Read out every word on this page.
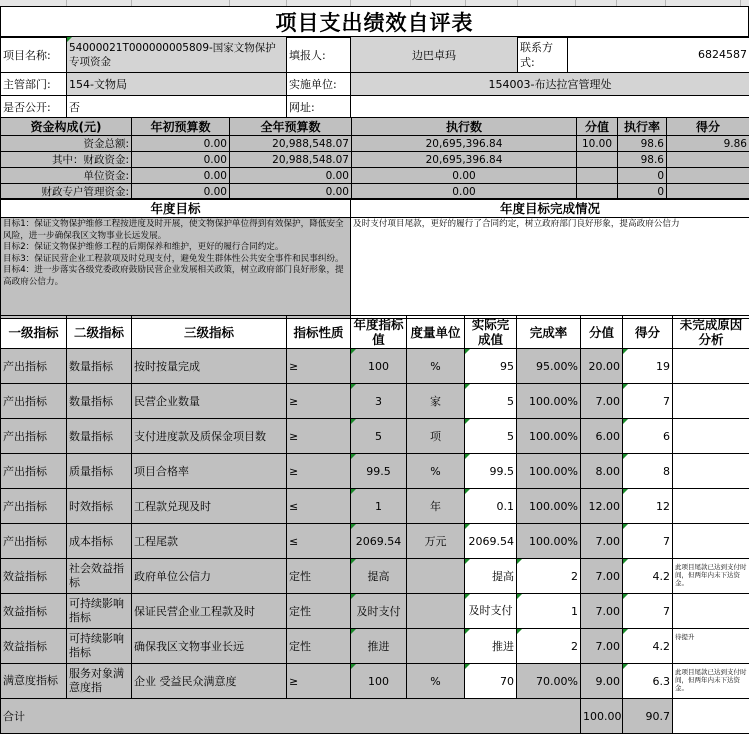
项目支出绩效自评表
项目名称:	54000021T000000005809-国家文物保护专项资金	填报人:	边巴卓玛	联系方式:	6824587
主管部门:	154-文物局	实施单位:	154003-布达拉宫管理处		
是否公开:	否	网址:			
资金构成(元)	年初预算数	全年预算数	执行数	分值	执行率	得分
资金总额:	0.00	20,988,548.07	20,695,396.84	10.00	98.6	9.86
其中：财政资金:	0.00	20,988,548.07	20,695,396.84		98.6	
单位资金:	0.00	0.00	0.00		0	
财政专户管理资金:	0.00	0.00	0.00		0	
年度目标	年度目标完成情况
目标1：保证文物保护维修工程按进度及时开展，使文物保护单位得到有效保护，降低安全风险，进一步确保我区文物事业长远发展。
目标2：保证文物保护维修工程的后期保养和维护，更好的履行合同约定。
目标3：保证民营企业工程款项及时兑现支付，避免发生群体性公共安全事件和民事纠纷。
目标4：进一步落实各级党委政府鼓励民营企业发展相关政策，树立政府部门良好形象，提高政府公信力。	及时支付项目尾款，更好的履行了合同约定，树立政府部门良好形象，提高政府公信力
一级指标	二级指标	三级指标	指标性质	年度指标值	度量单位	实际完成值	完成率	分值	得分	未完成原因分析
产出指标	数量指标	按时按量完成	≥	100	%	95	95.00%	20.00	19	
产出指标	数量指标	民营企业数量	≥	3	家	5	100.00%	7.00	7	
产出指标	数量指标	支付进度款及质保金项目数	≥	5	项	5	100.00%	6.00	6	
产出指标	质量指标	项目合格率	≥	99.5	%	99.5	100.00%	8.00	8	
产出指标	时效指标	工程款兑现及时	≤	1	年	0.1	100.00%	12.00	12	
产出指标	成本指标	工程尾款	≤	2069.54	万元	2069.54	100.00%	7.00	7	
效益指标	社会效益指标	政府单位公信力	定性	提高		提高	2	7.00	4.2	此项目尾款已达到支付时间，但两年内未下达资金。
效益指标	可持续影响指标	保证民营企业工程款及时	定性	及时支付		及时支付	1	7.00	7	
效益指标	可持续影响指标	确保我区文物事业长远	定性	推进		推进	2	7.00	4.2	待提升
满意度指标	服务对象满意度指	企业 受益民众满意度	≥	100	%	70	70.00%	9.00	6.3	此项目尾款已达到支付时间，但两年内未下达资金。
合计								100.00	90.7	
